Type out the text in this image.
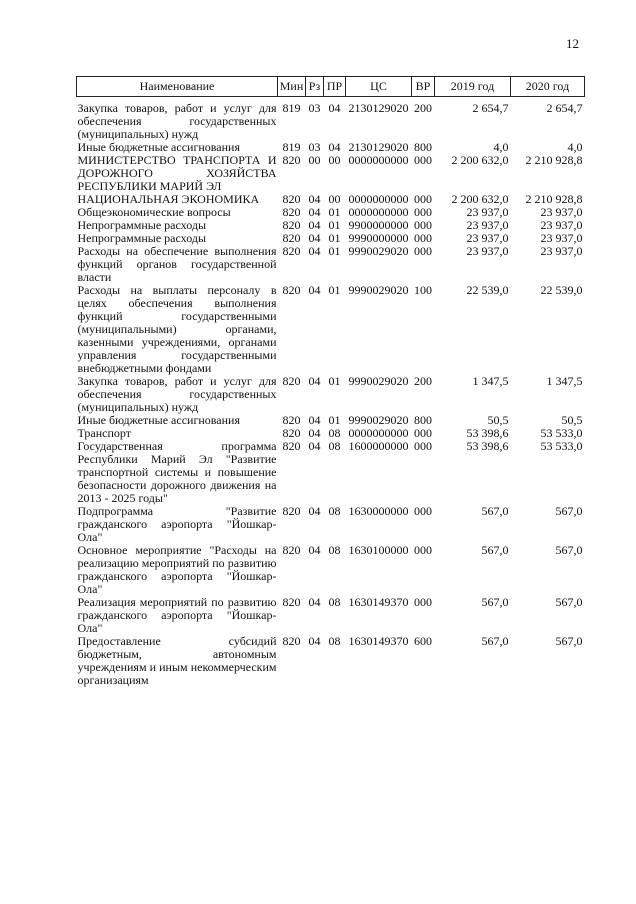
12
Наименование	Мин	Рз	ПР	ЦС	ВР	2019 год	2020 год
Закупка товаров, работ и услуг для обеспечения государственных (муниципальных) нужд	819	03	04	2130129020	200	2 654,7	2 654,7
Иные бюджетные ассигнования	819	03	04	2130129020	800	4,0	4,0
МИНИСТЕРСТВО ТРАНСПОРТА И ДОРОЖНОГО ХОЗЯЙСТВА РЕСПУБЛИКИ МАРИЙ ЭЛ	820	00	00	0000000000	000	2 200 632,0	2 210 928,8
НАЦИОНАЛЬНАЯ ЭКОНОМИКА	820	04	00	0000000000	000	2 200 632,0	2 210 928,8
Общеэкономические вопросы	820	04	01	0000000000	000	23 937,0	23 937,0
Непрограммные расходы	820	04	01	9900000000	000	23 937,0	23 937,0
Непрограммные расходы	820	04	01	9990000000	000	23 937,0	23 937,0
Расходы на обеспечение выполнения функций органов государственной власти	820	04	01	9990029020	000	23 937,0	23 937,0
Расходы на выплаты персоналу в целях обеспечения выполнения функций государственными (муниципальными) органами, казенными учреждениями, органами управления государственными внебюджетными фондами	820	04	01	9990029020	100	22 539,0	22 539,0
Закупка товаров, работ и услуг для обеспечения государственных (муниципальных) нужд	820	04	01	9990029020	200	1 347,5	1 347,5
Иные бюджетные ассигнования	820	04	01	9990029020	800	50,5	50,5
Транспорт	820	04	08	0000000000	000	53 398,6	53 533,0
Государственная программа Республики Марий Эл "Развитие транспортной системы и повышение безопасности дорожного движения на 2013 - 2025 годы"	820	04	08	1600000000	000	53 398,6	53 533,0
Подпрограмма "Развитие гражданского аэропорта "Йошкар-Ола"	820	04	08	1630000000	000	567,0	567,0
Основное мероприятие "Расходы на реализацию мероприятий по развитию гражданского аэропорта "Йошкар-Ола"	820	04	08	1630100000	000	567,0	567,0
Реализация мероприятий по развитию гражданского аэропорта "Йошкар-Ола"	820	04	08	1630149370	000	567,0	567,0
Предоставление субсидий бюджетным, автономным учреждениям и иным некоммерческим организациям	820	04	08	1630149370	600	567,0	567,0
